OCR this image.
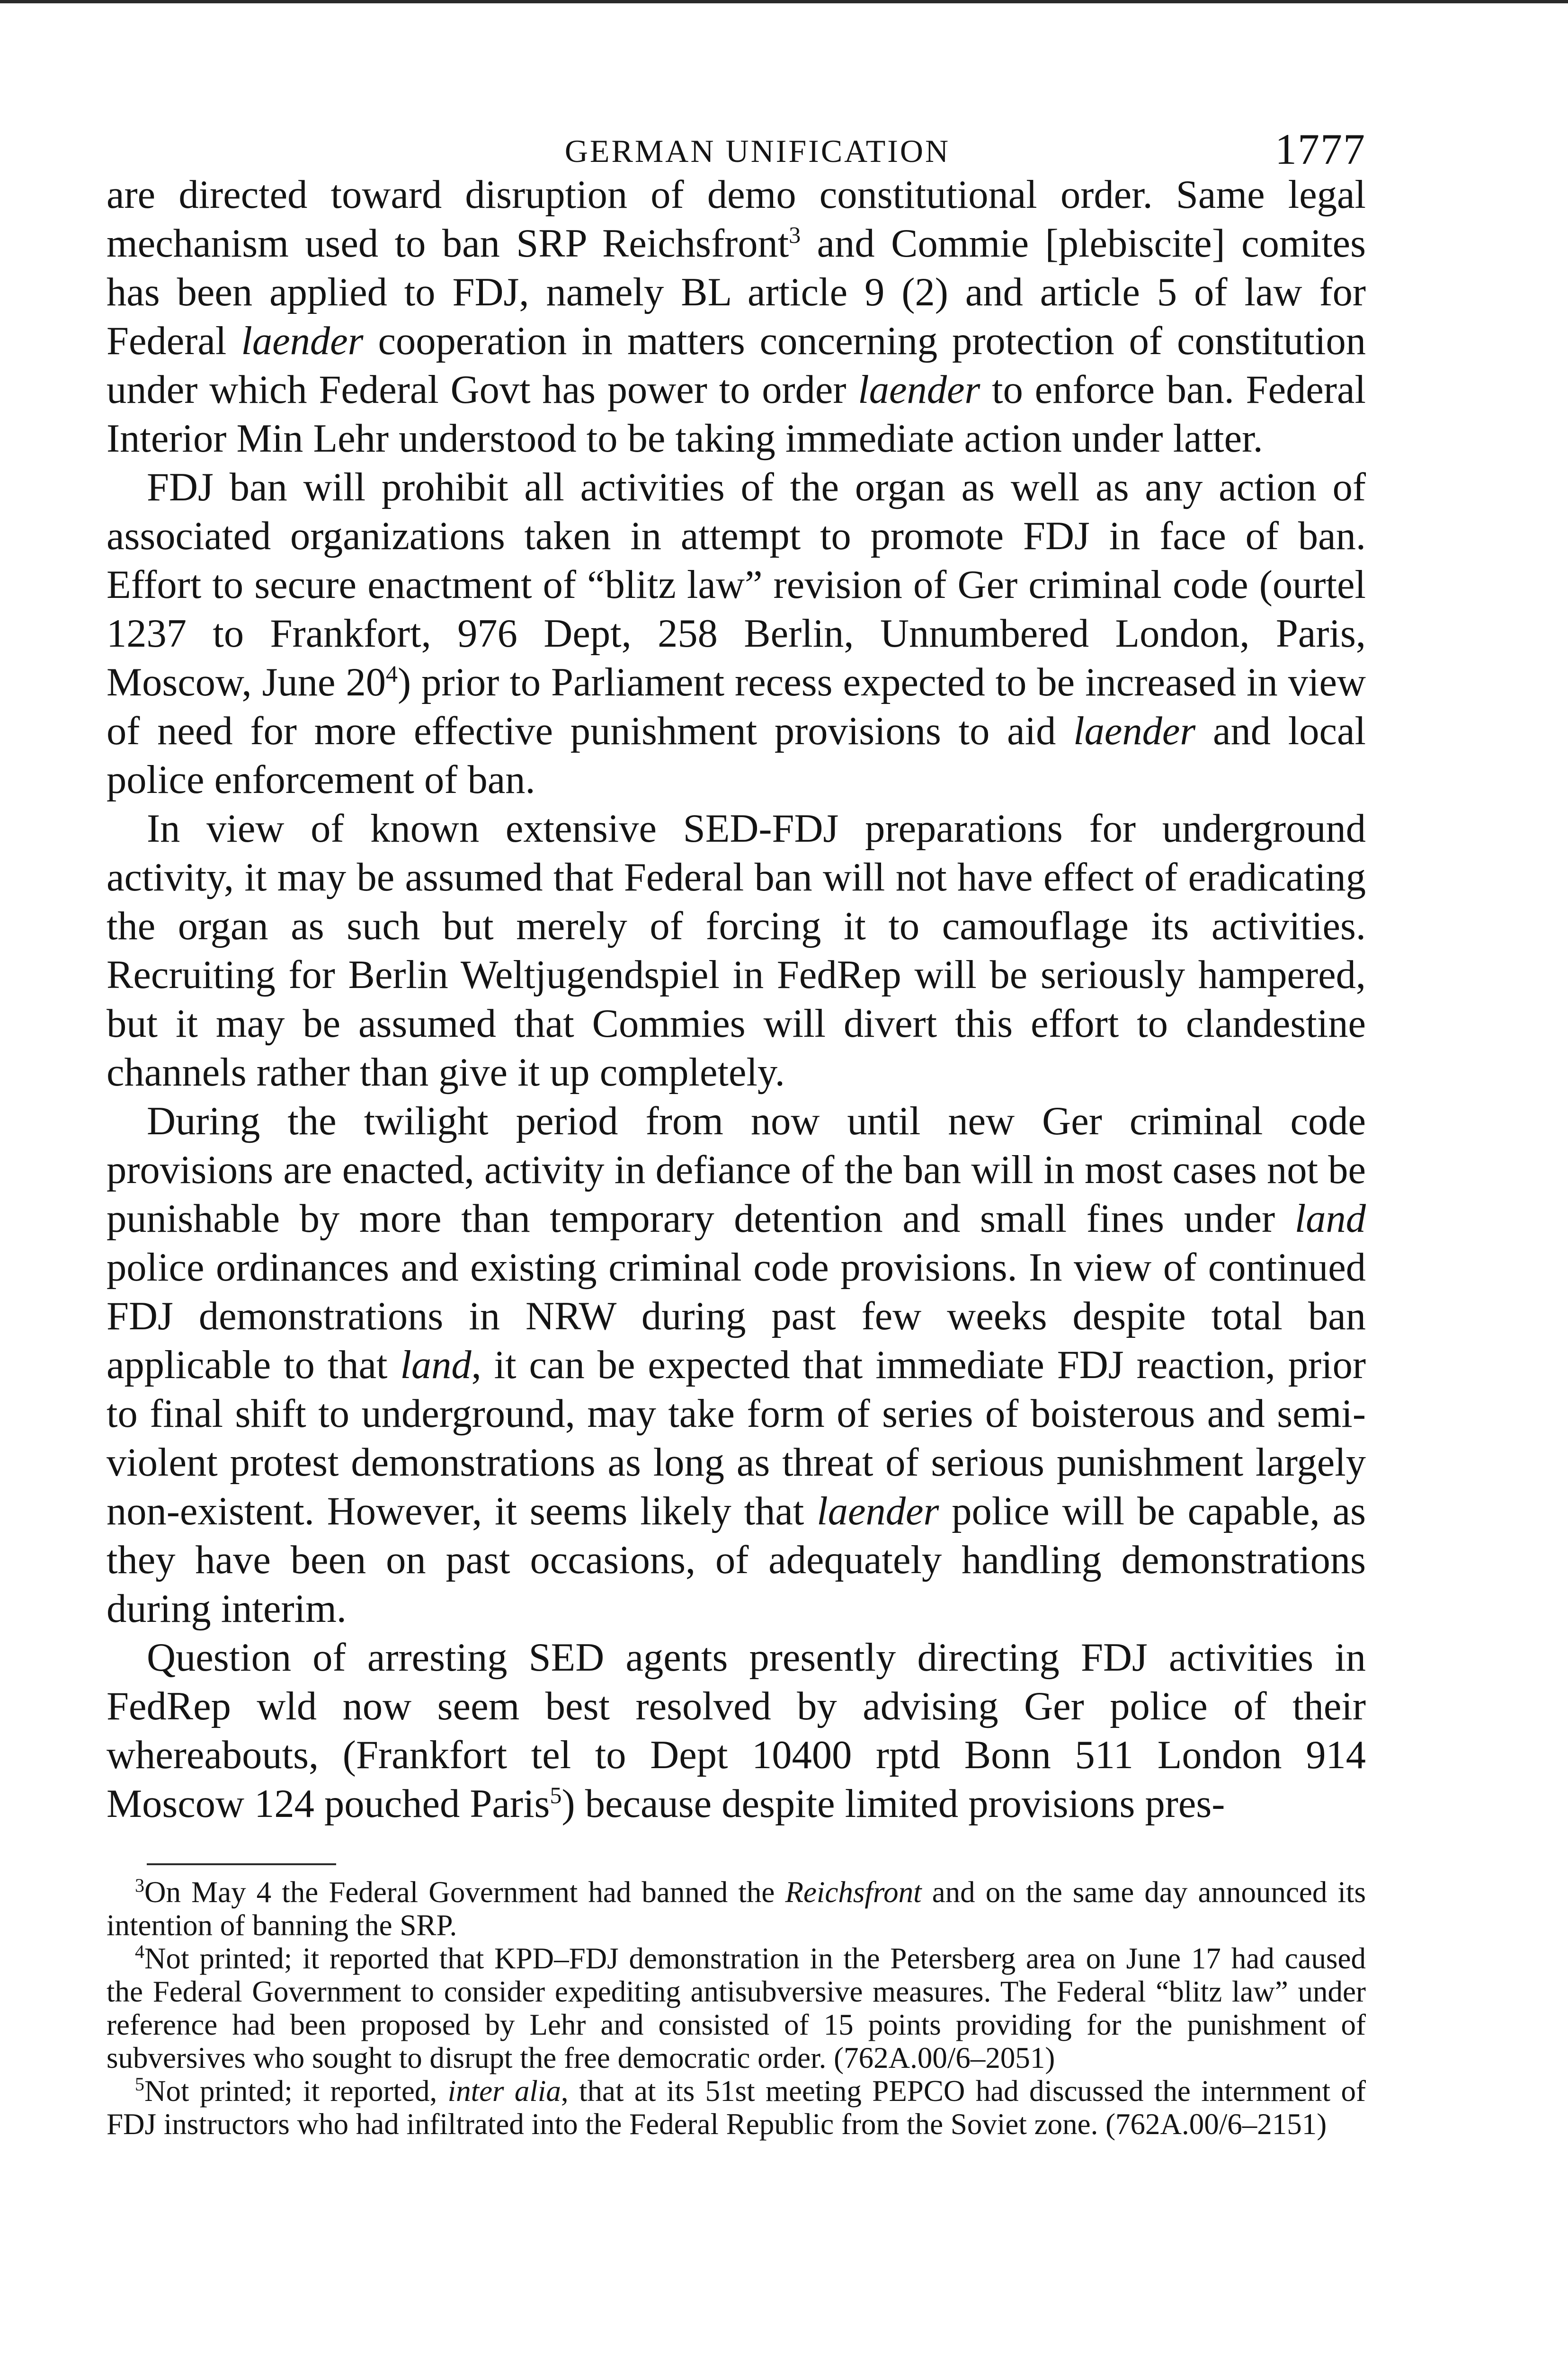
GERMAN UNIFICATION	1777

are directed toward disruption of demo constitutional order. Same legal mechanism used to ban SRP Reichsfront$^3$ and Commie [plebiscite] comites has been applied to FDJ, namely BL article 9 (2) and article 5 of law for Federal laender cooperation in matters concerning protection of constitution under which Federal Govt has power to order laender to enforce ban. Federal Interior Min Lehr understood to be taking immediate action under latter.

FDJ ban will prohibit all activities of the organ as well as any action of associated organizations taken in attempt to promote FDJ in face of ban. Effort to secure enactment of “blitz law” revision of Ger criminal code (ourtel 1237 to Frankfort, 976 Dept, 258 Berlin, Unnumbered London, Paris, Moscow, June 20$^4$) prior to Parliament recess expected to be increased in view of need for more effective punishment provisions to aid laender and local police enforcement of ban.

In view of known extensive SED-FDJ preparations for underground activity, it may be assumed that Federal ban will not have effect of eradicating the organ as such but merely of forcing it to camouflage its activities. Recruiting for Berlin Weltjugendspiel in FedRep will be seriously hampered, but it may be assumed that Commies will divert this effort to clandestine channels rather than give it up completely.

During the twilight period from now until new Ger criminal code provisions are enacted, activity in defiance of the ban will in most cases not be punishable by more than temporary detention and small fines under land police ordinances and existing criminal code provisions. In view of continued FDJ demonstrations in NRW during past few weeks despite total ban applicable to that land, it can be expected that immediate FDJ reaction, prior to final shift to underground, may take form of series of boisterous and semi-violent protest demonstrations as long as threat of serious punishment largely non-existent. However, it seems likely that laender police will be capable, as they have been on past occasions, of adequately handling demonstrations during interim.

Question of arresting SED agents presently directing FDJ activities in FedRep wld now seem best resolved by advising Ger police of their whereabouts, (Frankfort tel to Dept 10400 rptd Bonn 511 London 914 Moscow 124 pouched Paris$^5$) because despite limited provisions pres-

$^3$On May 4 the Federal Government had banned the Reichsfront and on the same day announced its intention of banning the SRP.

$^4$Not printed; it reported that KPD–FDJ demonstration in the Petersberg area on June 17 had caused the Federal Government to consider expediting antisubversive measures. The Federal “blitz law” under reference had been proposed by Lehr and consisted of 15 points providing for the punishment of subversives who sought to disrupt the free democratic order. (762A.00/6–2051)

$^5$Not printed; it reported, inter alia, that at its 51st meeting PEPCO had discussed the internment of FDJ instructors who had infiltrated into the Federal Republic from the Soviet zone. (762A.00/6–2151)
